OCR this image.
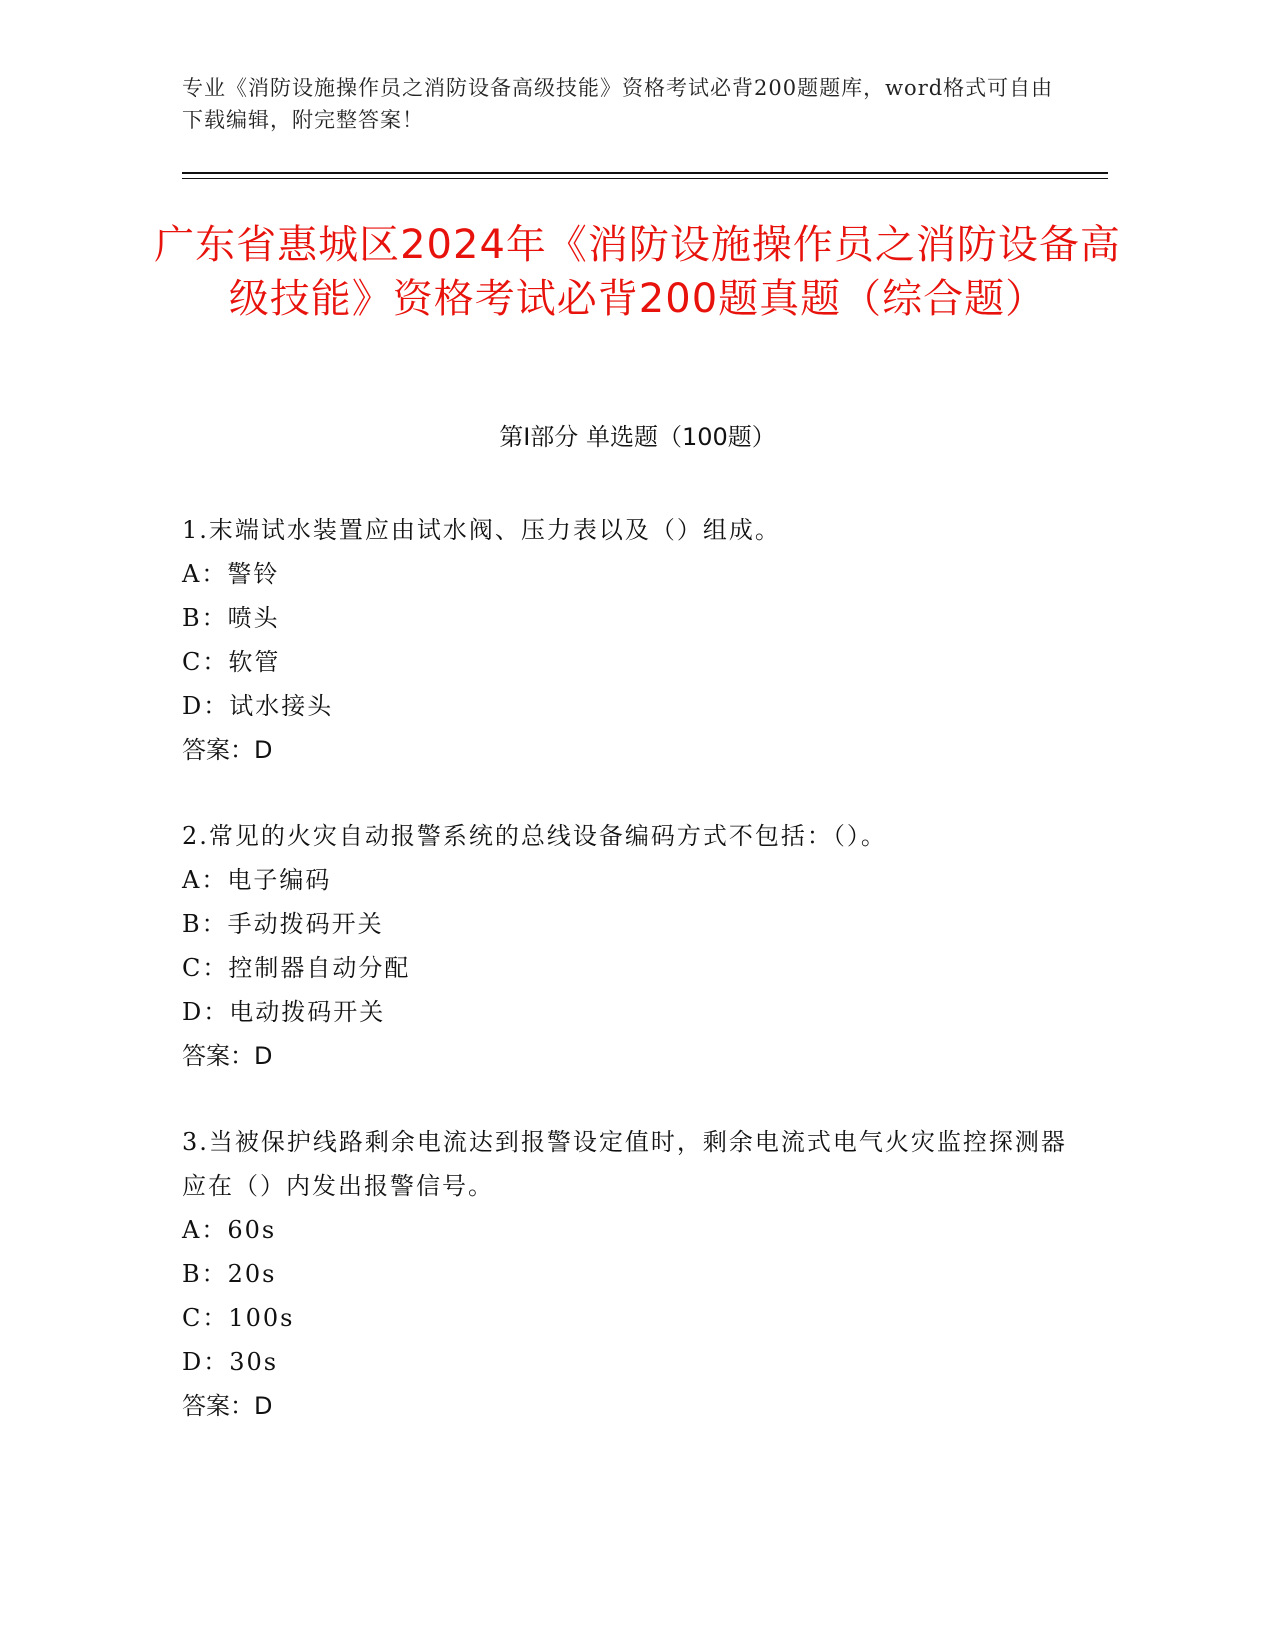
专业《消防设施操作员之消防设备高级技能》资格考试必背200题题库，word格式可自由下载编辑，附完整答案！
广东省惠城区2024年《消防设施操作员之消防设备高级技能》资格考试必背200题真题（综合题）
第I部分 单选题（100题）

1.末端试水装置应由试水阀、压力表以及（）组成。

A：警铃

B：喷头

C：软管

D：试水接头

答案：D

2.常见的火灾自动报警系统的总线设备编码方式不包括：（）。

A：电子编码

B：手动拨码开关

C：控制器自动分配

D：电动拨码开关

答案：D

3.当被保护线路剩余电流达到报警设定值时，剩余电流式电气火灾监控探测器应在（）内发出报警信号。

A：60s

B：20s

C：100s

D：30s

答案：D
